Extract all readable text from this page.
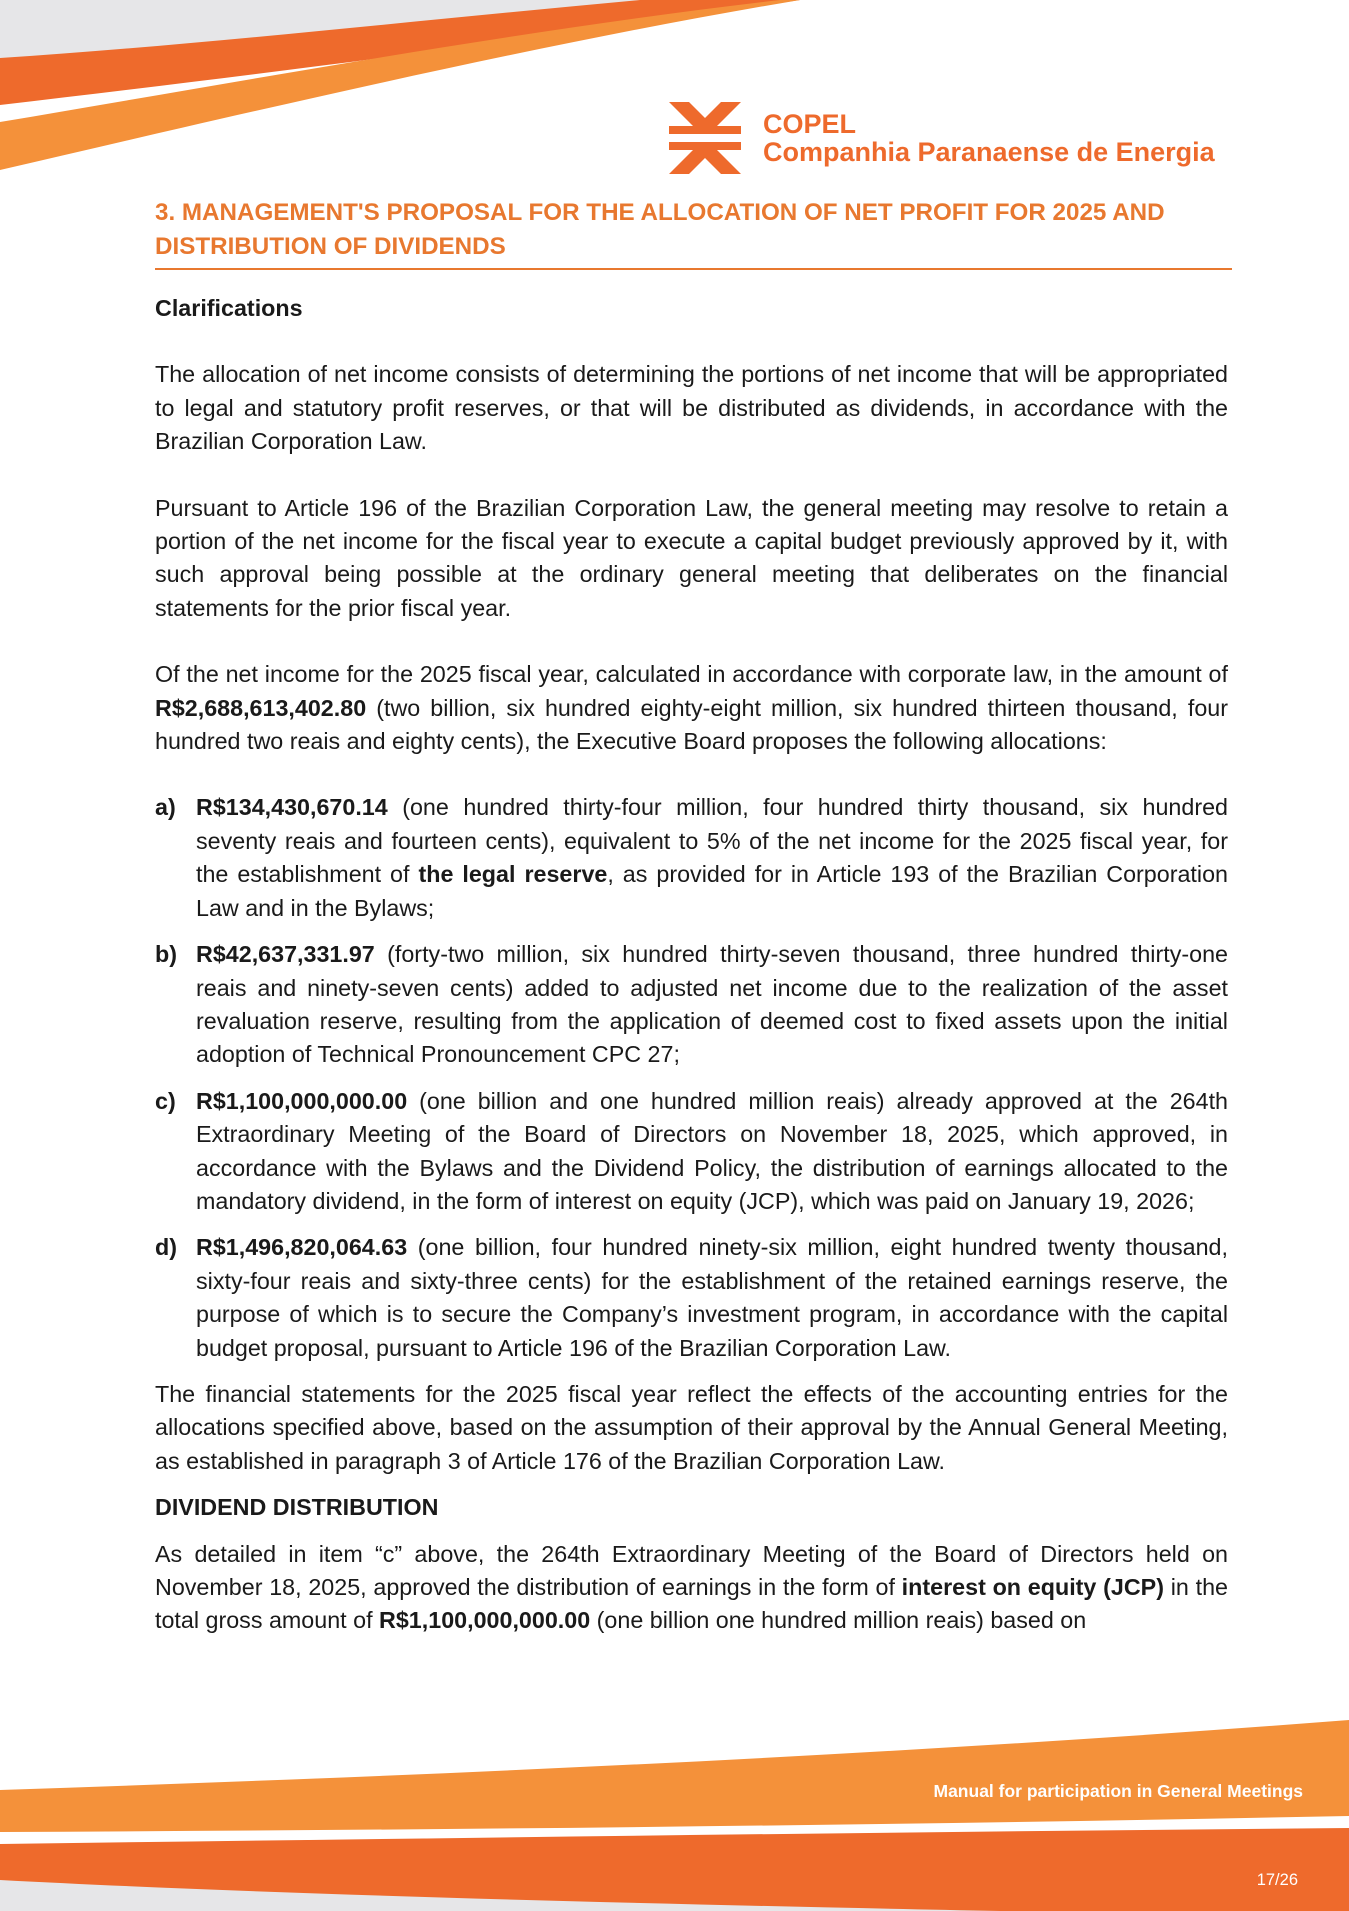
COPEL
Companhia Paranaense de Energia
3. MANAGEMENT'S PROPOSAL FOR THE ALLOCATION OF NET PROFIT FOR 2025 AND DISTRIBUTION OF DIVIDENDS
Clarifications

The allocation of net income consists of determining the portions of net income that will be appropriated to legal and statutory profit reserves, or that will be distributed as dividends, in accordance with the Brazilian Corporation Law.

Pursuant to Article 196 of the Brazilian Corporation Law, the general meeting may resolve to retain a portion of the net income for the fiscal year to execute a capital budget previously approved by it, with such approval being possible at the ordinary general meeting that deliberates on the financial statements for the prior fiscal year.

Of the net income for the 2025 fiscal year, calculated in accordance with corporate law, in the amount of R$2,688,613,402.80 (two billion, six hundred eighty-eight million, six hundred thirteen thousand, four hundred two reais and eighty cents), the Executive Board proposes the following allocations:

a) R$134,430,670.14 (one hundred thirty-four million, four hundred thirty thousand, six hundred seventy reais and fourteen cents), equivalent to 5% of the net income for the 2025 fiscal year, for the establishment of the legal reserve, as provided for in Article 193 of the Brazilian Corporation Law and in the Bylaws;
b) R$42,637,331.97 (forty-two million, six hundred thirty-seven thousand, three hundred thirty-one reais and ninety-seven cents) added to adjusted net income due to the realization of the asset revaluation reserve, resulting from the application of deemed cost to fixed assets upon the initial adoption of Technical Pronouncement CPC 27;
c) R$1,100,000,000.00 (one billion and one hundred million reais) already approved at the 264th Extraordinary Meeting of the Board of Directors on November 18, 2025, which approved, in accordance with the Bylaws and the Dividend Policy, the distribution of earnings allocated to the mandatory dividend, in the form of interest on equity (JCP), which was paid on January 19, 2026;
d) R$1,496,820,064.63 (one billion, four hundred ninety-six million, eight hundred twenty thousand, sixty-four reais and sixty-three cents) for the establishment of the retained earnings reserve, the purpose of which is to secure the Company’s investment program, in accordance with the capital budget proposal, pursuant to Article 196 of the Brazilian Corporation Law.

The financial statements for the 2025 fiscal year reflect the effects of the accounting entries for the allocations specified above, based on the assumption of their approval by the Annual General Meeting, as established in paragraph 3 of Article 176 of the Brazilian Corporation Law.

DIVIDEND DISTRIBUTION

As detailed in item “c” above, the 264th Extraordinary Meeting of the Board of Directors held on November 18, 2025, approved the distribution of earnings in the form of interest on equity (JCP) in the total gross amount of R$1,100,000,000.00 (one billion one hundred million reais) based on

Manual for participation in General Meetings
17/26
